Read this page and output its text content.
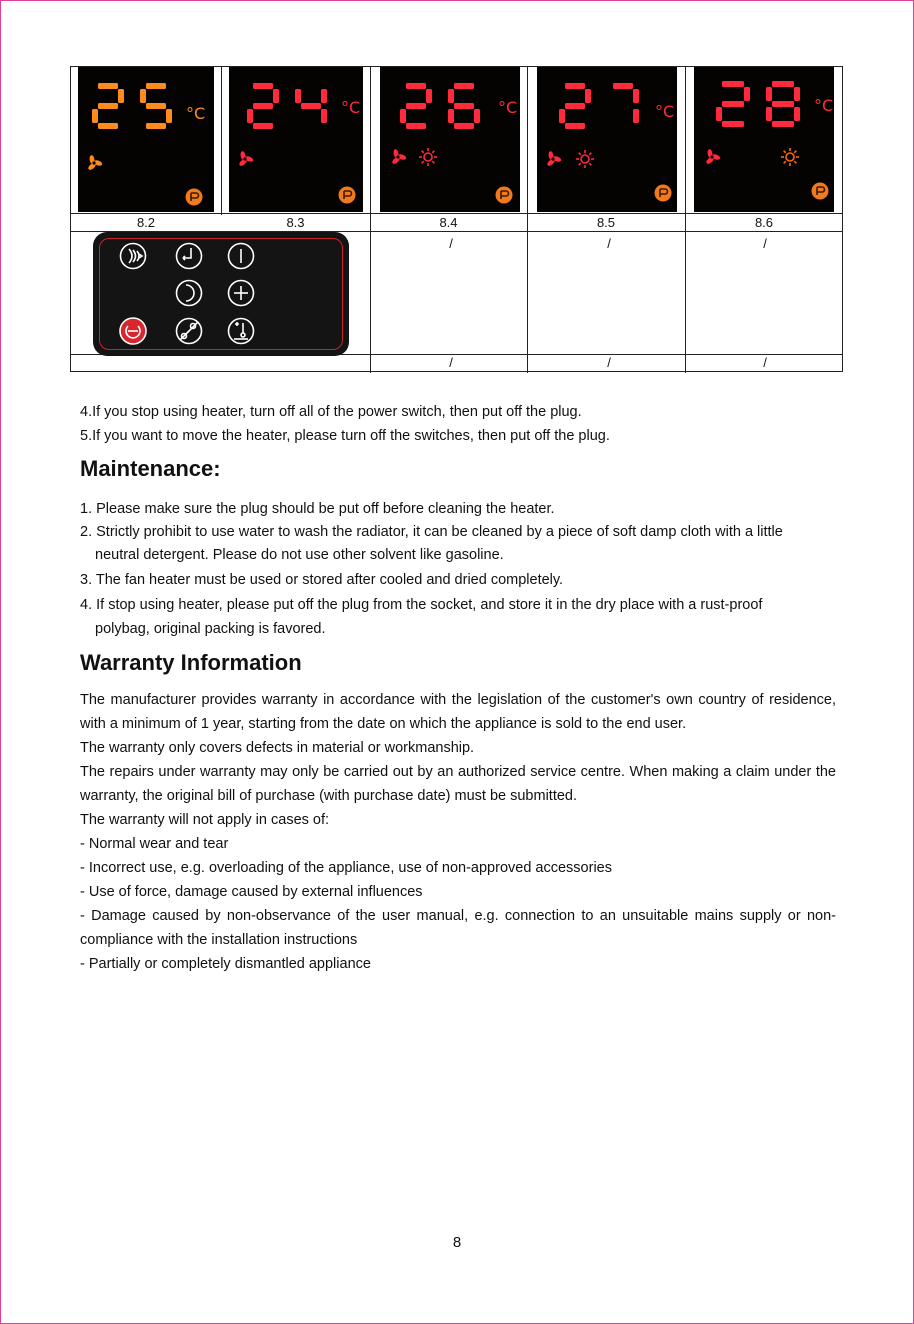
°C	°C	°C	°C	°C
8.2	8.3	8.4	8.5	8.6
/	/	/
/	/	/

4.If you stop using heater, turn off all of the power switch, then put off the plug.

5.If you want to move the heater, please turn off the switches, then put off the plug.

Maintenance:

1. Please make sure the plug should be put off before cleaning the heater.

2. Strictly prohibit to use water to wash the radiator, it can be cleaned by a piece of soft damp cloth with a little

neutral detergent. Please do not use other solvent like gasoline.

3. The fan heater must be used or stored after cooled and dried completely.

4. If stop using heater, please put off the plug from the socket, and store it in the dry place with a rust-proof

polybag, original packing is favored.

Warranty Information

The manufacturer provides warranty in accordance with the legislation of the customer's own country of residence, with a minimum of 1 year, starting from the date on which the appliance is sold to the end user.

The warranty only covers defects in material or workmanship.

The repairs under warranty may only be carried out by an authorized service centre. When making a claim under the warranty, the original bill of purchase (with purchase date) must be submitted.

The warranty will not apply in cases of:

- Normal wear and tear

- Incorrect use, e.g. overloading of the appliance, use of non-approved accessories

- Use of force, damage caused by external influences

- Damage caused by non-observance of the user manual, e.g. connection to an unsuitable mains supply or non-compliance with the installation instructions

- Partially or completely dismantled appliance

8
